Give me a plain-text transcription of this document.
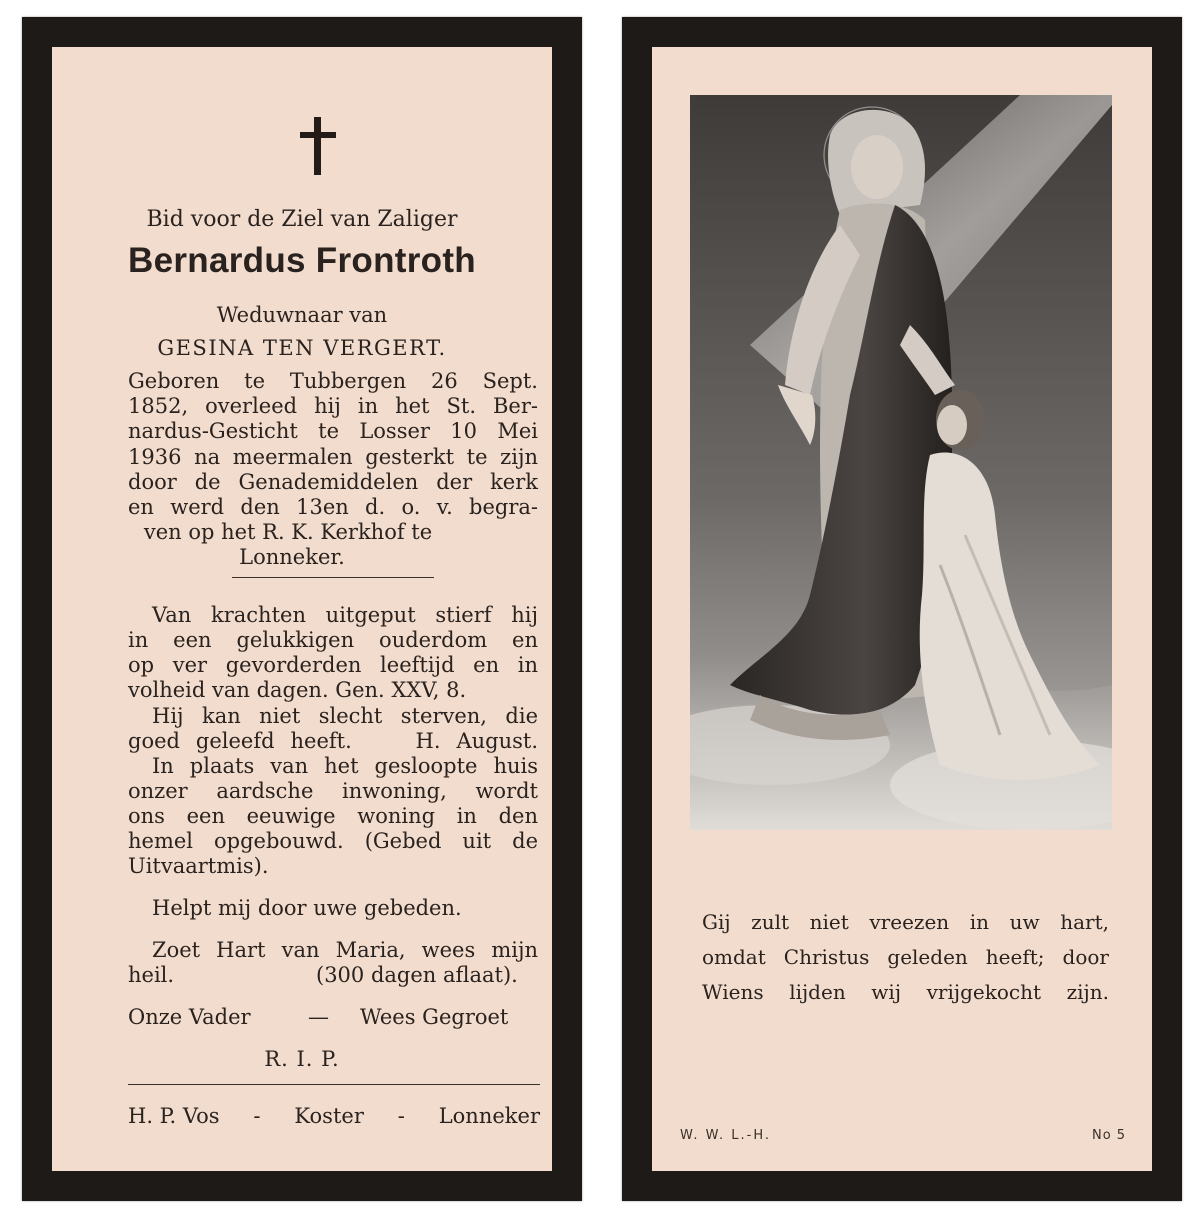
Bid voor de Ziel van Zaliger
Bernardus Frontroth
Weduwnaar van
GESINA TEN VERGERT.
Geboren te Tubbergen 26 Sept.
1852, overleed hij in het St. Ber-
nardus-Gesticht te Losser 10 Mei
1936 na meermalen gesterkt te zijn
door de Genademiddelen der kerk
en werd den 13en d. o. v. begra-
ven op het R. K. Kerkhof te
Lonneker.
Van krachten uitgeput stierf hij
in een gelukkigen ouderdom en
op ver gevorderden leeftijd en in
volheid van dagen. Gen. XXV, 8.
Hij kan niet slecht sterven, die
goed geleefd heeft.    H. August.
In plaats van het gesloopte huis
onzer aardsche inwoning, wordt
ons een eeuwige woning in den
hemel opgebouwd. (Gebed uit de
Uitvaartmis).
Helpt mij door uwe gebeden.
Zoet Hart van Maria, wees mijn
heil.	(300 dagen aflaat).
Onze Vader	— Wees Gegroet
R. I. P.
H. P. Vos - Koster - Lonneker
Gij zult niet vreezen in uw hart,
omdat Christus geleden heeft; door
Wiens lijden wij vrijgekocht zijn.
W. W. L.-H.	No 5
